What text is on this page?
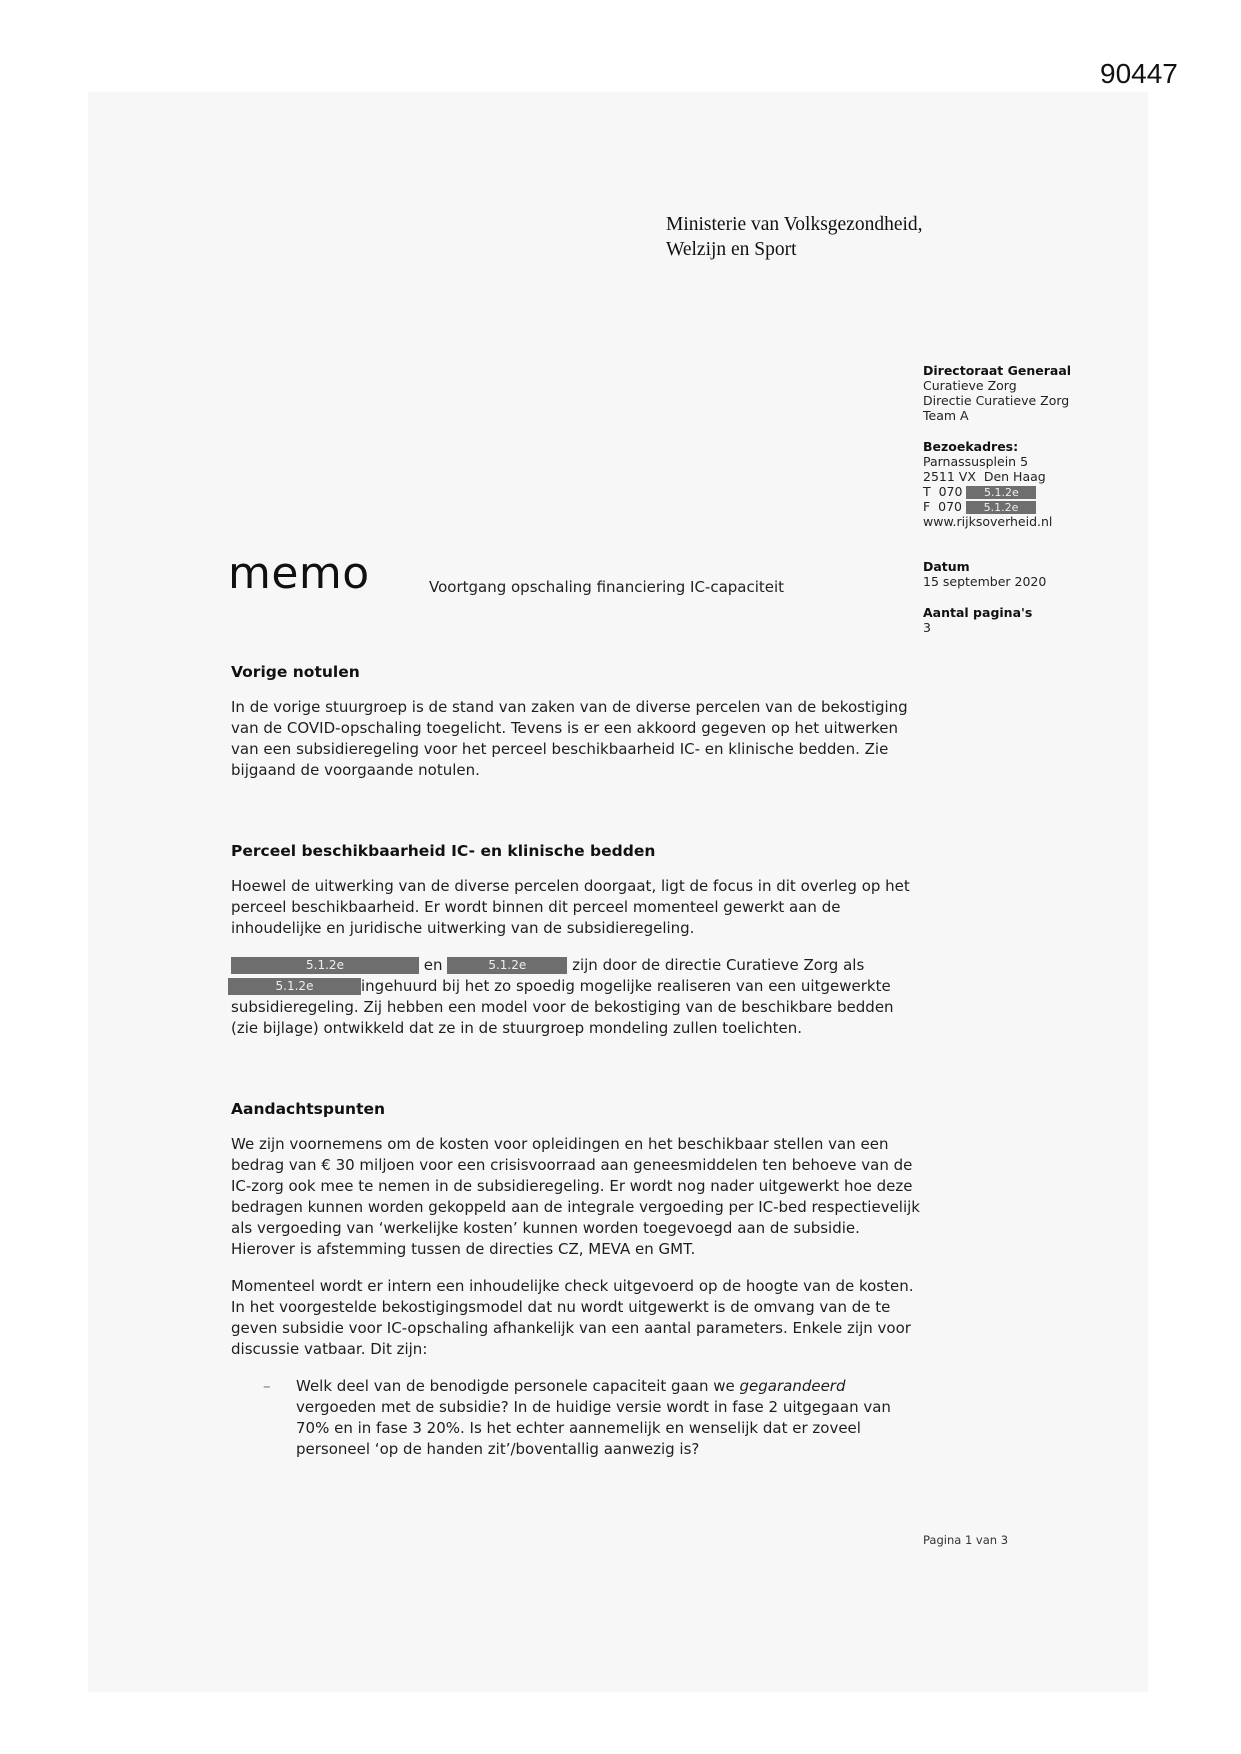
90447
Ministerie van Volksgezondheid,
Welzijn en Sport
Directoraat Generaal
Curatieve Zorg
Directie Curatieve Zorg
Team A
Bezoekadres:
Parnassusplein 5
2511 VX  Den Haag
T  070 5.1.2e
F  070 5.1.2e
www.rijksoverheid.nl
Datum
15 september 2020
Aantal pagina's
3
memo	Voortgang opschaling financiering IC-capaciteit
Vorige notulen

In de vorige stuurgroep is de stand van zaken van de diverse percelen van de bekostiging van de COVID-opschaling toegelicht. Tevens is er een akkoord gegeven op het uitwerken van een subsidieregeling voor het perceel beschikbaarheid IC- en klinische bedden. Zie bijgaand de voorgaande notulen.

Perceel beschikbaarheid IC- en klinische bedden

Hoewel de uitwerking van de diverse percelen doorgaat, ligt de focus in dit overleg op het perceel beschikbaarheid. Er wordt binnen dit perceel momenteel gewerkt aan de inhoudelijke en juridische uitwerking van de subsidieregeling.

5.1.2e	en	5.1.2e	zijn door de directie Curatieve Zorg als
5.1.2e	ingehuurd bij het zo spoedig mogelijke realiseren van een uitgewerkte subsidieregeling. Zij hebben een model voor de bekostiging van de beschikbare bedden (zie bijlage) ontwikkeld dat ze in de stuurgroep mondeling zullen toelichten.

Aandachtspunten

We zijn voornemens om de kosten voor opleidingen en het beschikbaar stellen van een bedrag van € 30 miljoen voor een crisisvoorraad aan geneesmiddelen ten behoeve van de IC-zorg ook mee te nemen in de subsidieregeling. Er wordt nog nader uitgewerkt hoe deze bedragen kunnen worden gekoppeld aan de integrale vergoeding per IC-bed respectievelijk als vergoeding van ‘werkelijke kosten’ kunnen worden toegevoegd aan de subsidie. Hierover is afstemming tussen de directies CZ, MEVA en GMT.

Momenteel wordt er intern een inhoudelijke check uitgevoerd op de hoogte van de kosten. In het voorgestelde bekostigingsmodel dat nu wordt uitgewerkt is de omvang van de te geven subsidie voor IC-opschaling afhankelijk van een aantal parameters. Enkele zijn voor discussie vatbaar. Dit zijn:

– Welk deel van de benodigde personele capaciteit gaan we gegarandeerd vergoeden met de subsidie? In de huidige versie wordt in fase 2 uitgegaan van 70% en in fase 3 20%. Is het echter aannemelijk en wenselijk dat er zoveel personeel ‘op de handen zit’/boventallig aanwezig is?
Pagina 1 van 3
